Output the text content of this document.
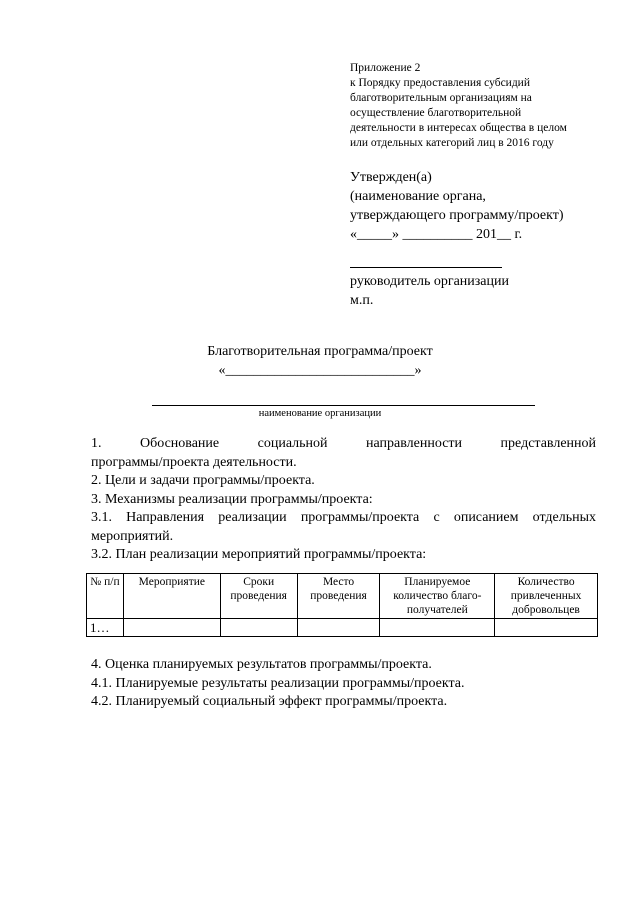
Приложение 2
к Порядку предоставления субсидий
благотворительным организациям на
осуществление благотворительной
деятельности в интересах общества в целом
или отдельных категорий лиц в 2016 году
Утвержден(а)
(наименование органа,
утверждающего программу/проект)
«_____» __________ 201__ г.
руководитель организации
м.п.
Благотворительная программа/проект
«___________________________»
наименование организации
1.	Обоснование	социальной	направленности	представленной
программы/проекта деятельности.
2. Цели и задачи программы/проекта.
3. Механизмы реализации программы/проекта:
3.1. Направления реализации программы/проекта с описанием отдельных
мероприятий.
3.2. План реализации мероприятий программы/проекта:
№ п/п	Мероприятие	Сроки проведения	Место проведения	Планируемое количество благо-получателей	Количество привлеченных добровольцев
1…					
4. Оценка планируемых результатов программы/проекта.
4.1. Планируемые результаты реализации программы/проекта.
4.2. Планируемый социальный эффект программы/проекта.
